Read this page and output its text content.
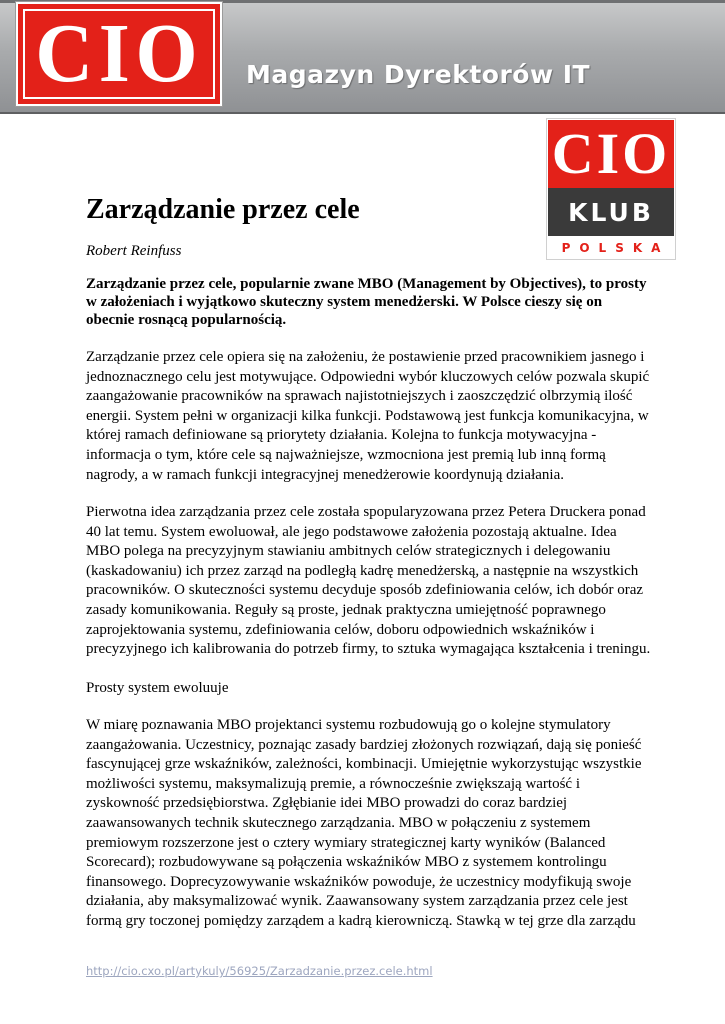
CIO Magazyn Dyrektorów IT
CIO
KLUB
POLSKA
Zarządzanie przez cele

Robert Reinfuss

Zarządzanie przez cele, popularnie zwane MBO (Management by Objectives), to prosty
w założeniach i wyjątkowo skuteczny system menedżerski. W Polsce cieszy się on
obecnie rosnącą popularnością.

Zarządzanie przez cele opiera się na założeniu, że postawienie przed pracownikiem jasnego i
jednoznacznego celu jest motywujące. Odpowiedni wybór kluczowych celów pozwala skupić
zaangażowanie pracowników na sprawach najistotniejszych i zaoszczędzić olbrzymią ilość
energii. System pełni w organizacji kilka funkcji. Podstawową jest funkcja komunikacyjna, w
której ramach definiowane są priorytety działania. Kolejna to funkcja motywacyjna -
informacja o tym, które cele są najważniejsze, wzmocniona jest premią lub inną formą
nagrody, a w ramach funkcji integracyjnej menedżerowie koordynują działania.

Pierwotna idea zarządzania przez cele została spopularyzowana przez Petera Druckera ponad
40 lat temu. System ewoluował, ale jego podstawowe założenia pozostają aktualne. Idea
MBO polega na precyzyjnym stawianiu ambitnych celów strategicznych i delegowaniu
(kaskadowaniu) ich przez zarząd na podległą kadrę menedżerską, a następnie na wszystkich
pracowników. O skuteczności systemu decyduje sposób zdefiniowania celów, ich dobór oraz
zasady komunikowania. Reguły są proste, jednak praktyczna umiejętność poprawnego
zaprojektowania systemu, zdefiniowania celów, doboru odpowiednich wskaźników i
precyzyjnego ich kalibrowania do potrzeb firmy, to sztuka wymagająca kształcenia i treningu.

Prosty system ewoluuje

W miarę poznawania MBO projektanci systemu rozbudowują go o kolejne stymulatory
zaangażowania. Uczestnicy, poznając zasady bardziej złożonych rozwiązań, dają się ponieść
fascynującej grze wskaźników, zależności, kombinacji. Umiejętnie wykorzystując wszystkie
możliwości systemu, maksymalizują premie, a równocześnie zwiększają wartość i
zyskowność przedsiębiorstwa. Zgłębianie idei MBO prowadzi do coraz bardziej
zaawansowanych technik skutecznego zarządzania. MBO w połączeniu z systemem
premiowym rozszerzone jest o cztery wymiary strategicznej karty wyników (Balanced
Scorecard); rozbudowywane są połączenia wskaźników MBO z systemem kontrolingu
finansowego. Doprecyzowywanie wskaźników powoduje, że uczestnicy modyfikują swoje
działania, aby maksymalizować wynik. Zaawansowany system zarządzania przez cele jest
formą gry toczonej pomiędzy zarządem a kadrą kierowniczą. Stawką w tej grze dla zarządu

http://cio.cxo.pl/artykuly/56925/Zarzadzanie.przez.cele.html
